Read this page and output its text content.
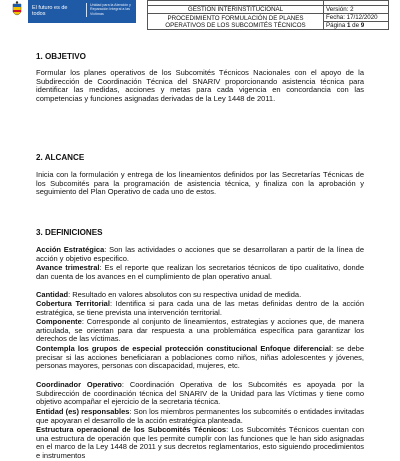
El futuro es de todos
Unidad para la Atención y Reparación Integral a las Víctimas

GESTION INTERINSTITUCIONAL	Versión: 2
PROCEDIMIENTO FORMULACIÓN DE PLANES OPERATIVOS DE LOS SUBCOMITÉS TÉCNICOS	Fecha: 17/12/2020
	Página 1 de 9

1. OBJETIVO

Formular los planes operativos de los Subcomités Técnicos Nacionales con el apoyo de la Subdirección de Coordinación Técnica del SNARIV proporcionando asistencia técnica para identificar las medidas, acciones y metas para cada vigencia en concordancia con las competencias y funciones asignadas derivadas de la Ley 1448 de 2011.

2. ALCANCE

Inicia con la formulación y entrega de los lineamientos definidos por las Secretarías Técnicas de los Subcomités para la programación de asistencia técnica, y finaliza con la aprobación y seguimiento del Plan Operativo de cada uno de estos.

3. DEFINICIONES

Acción Estratégica: Son las actividades o acciones que se desarrollaran a partir de la línea de acción y objetivo especifico.

Avance trimestral: Es el reporte que realizan los secretarios técnicos de tipo cualitativo, donde dan cuenta de los avances en el cumplimiento de plan operativo anual.

Cantidad: Resultado en valores absolutos con su respectiva unidad de medida.

Cobertura Territorial: Identifica si para cada una de las metas definidas dentro de la acción estratégica, se tiene prevista una intervención territorial.

Componente: Corresponde al conjunto de lineamientos, estrategias y acciones que, de manera articulada, se orientan para dar respuesta a una problemática específica para garantizar los derechos de las víctimas.

Contempla los grupos de especial protección constitucional Enfoque diferencial: se debe precisar si las acciones beneficiaran a poblaciones como niños, niñas adolescentes y jóvenes, personas mayores, personas con discapacidad, mujeres, etc.

Coordinador Operativo: Coordinación Operativa de los Subcomités es apoyada por la Subdirección de coordinación técnica del SNARIV de la Unidad para las Víctimas y tiene como objetivo acompañar el ejercicio de la secretaria técnica.

Entidad (es) responsables: Son los miembros permanentes los subcomités o entidades invitadas que apoyaran el desarrollo de la acción estratégica planteada.

Estructura operacional de los Subcomités Técnicos: Los Subcomités Técnicos cuentan con una estructura de operación que les permite cumplir con las funciones que le han sido asignadas en el marco de la Ley 1448 de 2011 y sus decretos reglamentarios, esto siguiendo procedimientos e instrumentos
